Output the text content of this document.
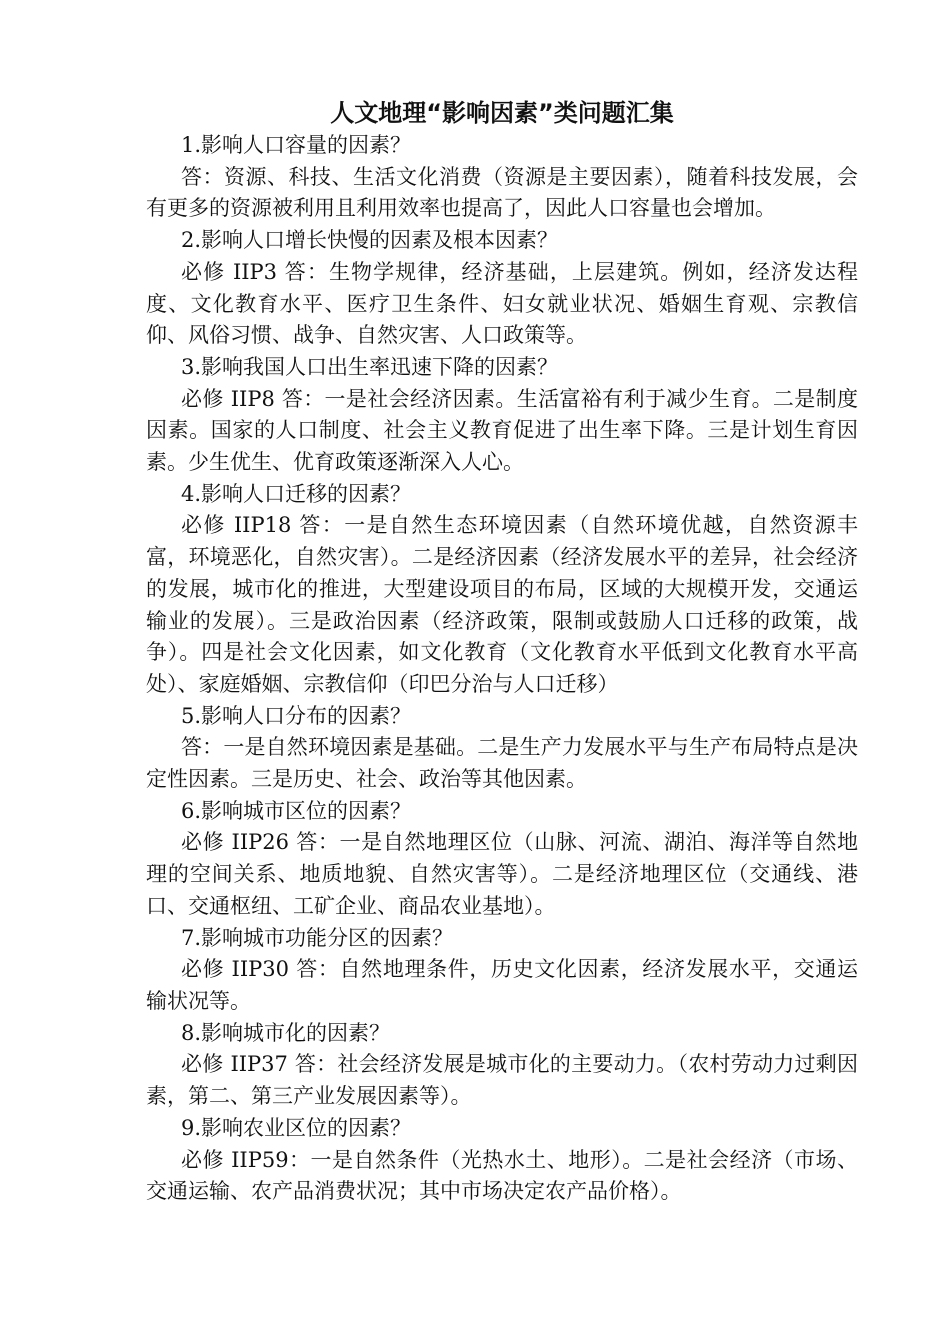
人文地理“影响因素”类问题汇集

1.影响人口容量的因素？

答：资源、科技、生活文化消费（资源是主要因素），随着科技发展，会有更多的资源被利用且利用效率也提高了，因此人口容量也会增加。

2.影响人口增长快慢的因素及根本因素？

必修 IIP3 答：生物学规律，经济基础，上层建筑。例如，经济发达程度、文化教育水平、医疗卫生条件、妇女就业状况、婚姻生育观、宗教信仰、风俗习惯、战争、自然灾害、人口政策等。

3.影响我国人口出生率迅速下降的因素？

必修 IIP8 答：一是社会经济因素。生活富裕有利于减少生育。二是制度因素。国家的人口制度、社会主义教育促进了出生率下降。三是计划生育因素。少生优生、优育政策逐渐深入人心。

4.影响人口迁移的因素？

必修 IIP18 答：一是自然生态环境因素（自然环境优越，自然资源丰富，环境恶化，自然灾害）。二是经济因素（经济发展水平的差异，社会经济的发展，城市化的推进，大型建设项目的布局，区域的大规模开发，交通运输业的发展）。三是政治因素（经济政策，限制或鼓励人口迁移的政策，战争）。四是社会文化因素，如文化教育（文化教育水平低到文化教育水平高处）、家庭婚姻、宗教信仰（印巴分治与人口迁移）

5.影响人口分布的因素？

答：一是自然环境因素是基础。二是生产力发展水平与生产布局特点是决定性因素。三是历史、社会、政治等其他因素。

6.影响城市区位的因素？

必修 IIP26 答：一是自然地理区位（山脉、河流、湖泊、海洋等自然地理的空间关系、地质地貌、自然灾害等）。二是经济地理区位（交通线、港口、交通枢纽、工矿企业、商品农业基地）。

7.影响城市功能分区的因素？

必修 IIP30 答：自然地理条件，历史文化因素，经济发展水平，交通运输状况等。

8.影响城市化的因素？

必修 IIP37 答：社会经济发展是城市化的主要动力。（农村劳动力过剩因素，第二、第三产业发展因素等）。

9.影响农业区位的因素？

必修 IIP59：一是自然条件（光热水土、地形）。二是社会经济（市场、交通运输、农产品消费状况；其中市场决定农产品价格）。
